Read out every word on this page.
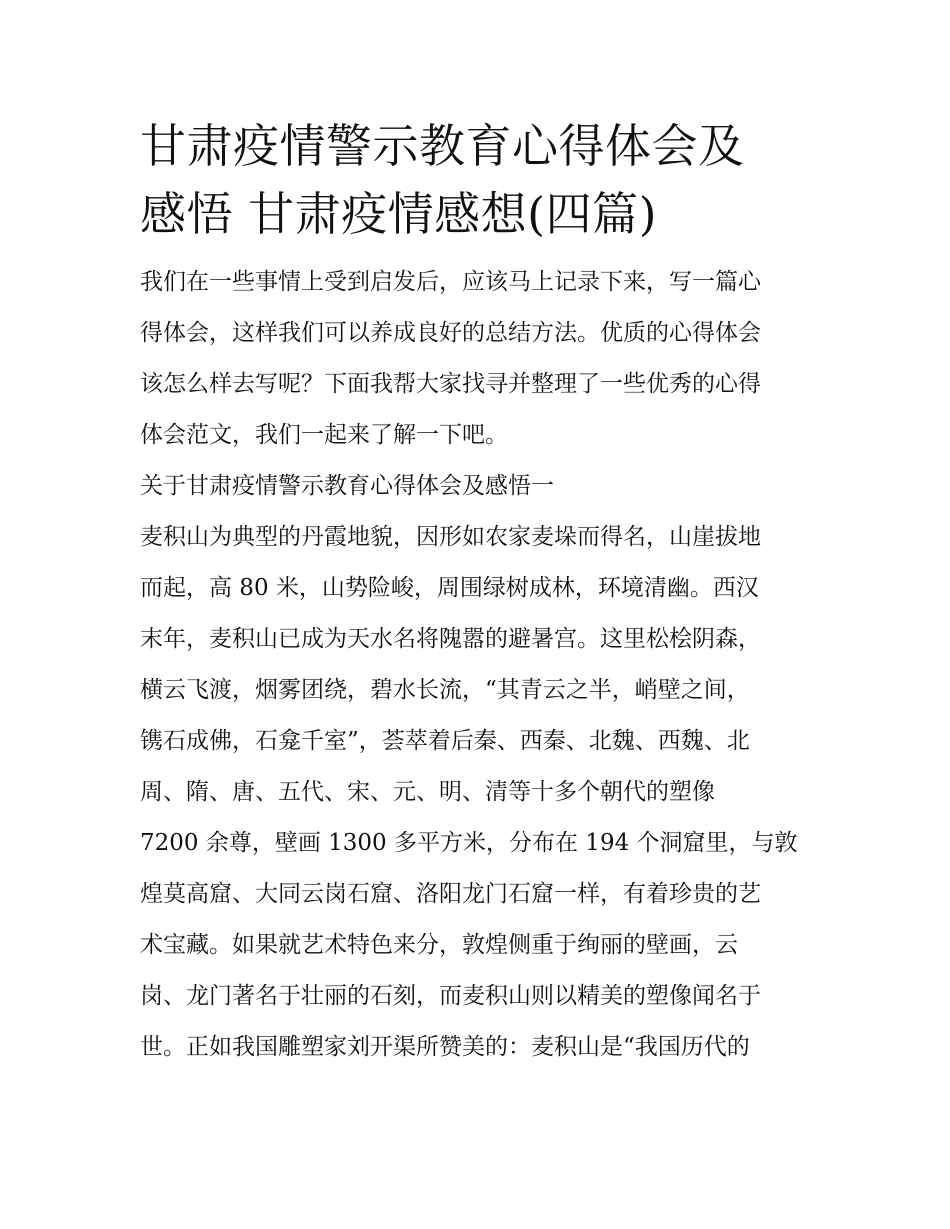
甘肃疫情警示教育心得体会及
感悟 甘肃疫情感想(四篇)
我们在一些事情上受到启发后，应该马上记录下来，写一篇心
得体会，这样我们可以养成良好的总结方法。优质的心得体会
该怎么样去写呢？下面我帮大家找寻并整理了一些优秀的心得
体会范文，我们一起来了解一下吧。
关于甘肃疫情警示教育心得体会及感悟一
麦积山为典型的丹霞地貌，因形如农家麦垛而得名，山崖拔地
而起，高 80 米，山势险峻，周围绿树成林，环境清幽。西汉
末年，麦积山已成为天水名将隗嚣的避暑宫。这里松桧阴森，
横云飞渡，烟雾团绕，碧水长流，“其青云之半，峭壁之间，
镌石成佛，石龛千室”，荟萃着后秦、西秦、北魏、西魏、北
周、隋、唐、五代、宋、元、明、清等十多个朝代的塑像
7200 余尊，壁画 1300 多平方米，分布在 194 个洞窟里，与敦
煌莫高窟、大同云岗石窟、洛阳龙门石窟一样，有着珍贵的艺
术宝藏。如果就艺术特色来分，敦煌侧重于绚丽的壁画，云
岗、龙门著名于壮丽的石刻，而麦积山则以精美的塑像闻名于
世。正如我国雕塑家刘开渠所赞美的：麦积山是“我国历代的
